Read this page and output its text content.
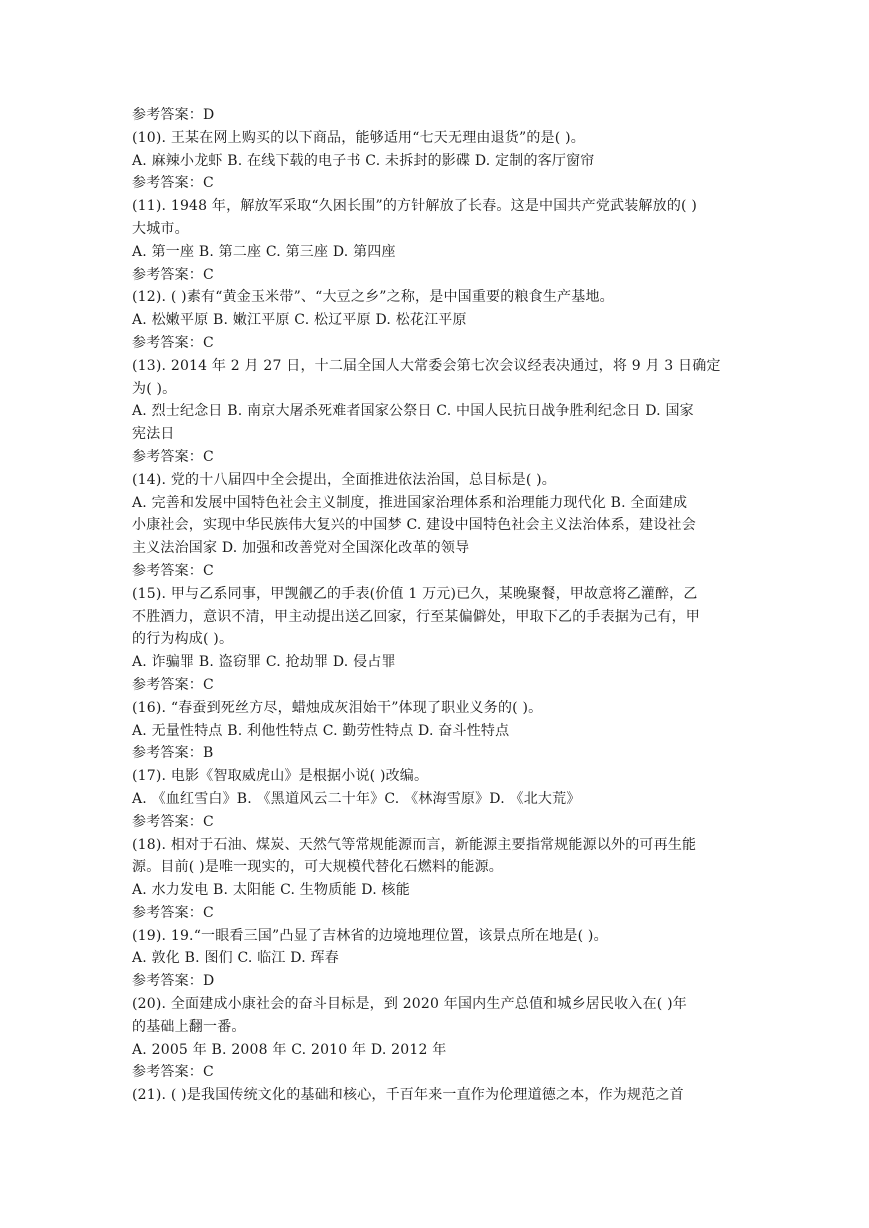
参考答案：D
(10). 王某在网上购买的以下商品，能够适用“七天无理由退货”的是( )。
A. 麻辣小龙虾 B. 在线下载的电子书 C. 未拆封的影碟 D. 定制的客厅窗帘
参考答案：C
(11). 1948 年，解放军采取“久困长围”的方针解放了长春。这是中国共产党武装解放的( )
大城市。
A. 第一座 B. 第二座 C. 第三座 D. 第四座
参考答案：C
(12). ( )素有“黄金玉米带”、“大豆之乡”之称，是中国重要的粮食生产基地。
A. 松嫩平原 B. 嫩江平原 C. 松辽平原 D. 松花江平原
参考答案：C
(13). 2014 年 2 月 27 日，十二届全国人大常委会第七次会议经表决通过，将 9 月 3 日确定
为( )。
A. 烈士纪念日 B. 南京大屠杀死难者国家公祭日 C. 中国人民抗日战争胜利纪念日 D. 国家
宪法日
参考答案：C
(14). 党的十八届四中全会提出，全面推进依法治国，总目标是( )。
A. 完善和发展中国特色社会主义制度，推进国家治理体系和治理能力现代化 B. 全面建成
小康社会，实现中华民族伟大复兴的中国梦 C. 建设中国特色社会主义法治体系，建设社会
主义法治国家 D. 加强和改善党对全国深化改革的领导
参考答案：C
(15). 甲与乙系同事，甲觊觎乙的手表(价值 1 万元)已久，某晚聚餐，甲故意将乙灌醉，乙
不胜酒力，意识不清，甲主动提出送乙回家，行至某偏僻处，甲取下乙的手表据为己有，甲
的行为构成( )。
A. 诈骗罪 B. 盗窃罪 C. 抢劫罪 D. 侵占罪
参考答案：C
(16). “春蚕到死丝方尽，蜡烛成灰泪始干”体现了职业义务的( )。
A. 无量性特点 B. 利他性特点 C. 勤劳性特点 D. 奋斗性特点
参考答案：B
(17). 电影《智取威虎山》是根据小说( )改编。
A. 《血红雪白》B. 《黑道风云二十年》C. 《林海雪原》D. 《北大荒》
参考答案：C
(18). 相对于石油、煤炭、天然气等常规能源而言，新能源主要指常规能源以外的可再生能
源。目前( )是唯一现实的，可大规模代替化石燃料的能源。
A. 水力发电 B. 太阳能 C. 生物质能 D. 核能
参考答案：C
(19). 19.“一眼看三国”凸显了吉林省的边境地理位置，该景点所在地是( )。
A. 敦化 B. 图们 C. 临江 D. 珲春
参考答案：D
(20). 全面建成小康社会的奋斗目标是，到 2020 年国内生产总值和城乡居民收入在( )年
的基础上翻一番。
A. 2005 年 B. 2008 年 C. 2010 年 D. 2012 年
参考答案：C
(21). ( )是我国传统文化的基础和核心，千百年来一直作为伦理道德之本，作为规范之首
